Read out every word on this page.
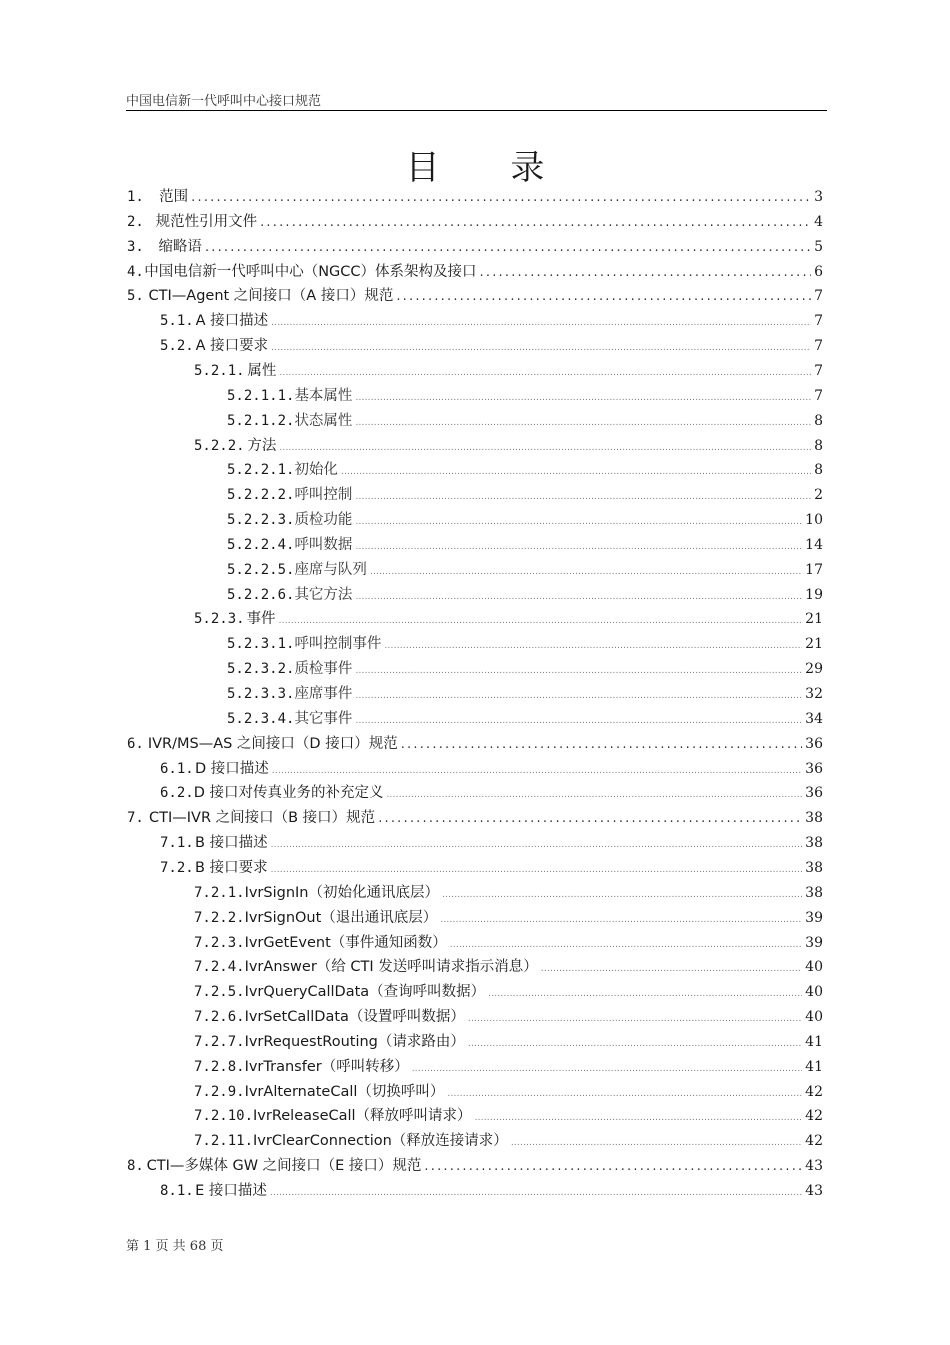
中国电信新一代呼叫中心接口规范
目 录
1.	范围 .....	3
2. 规范性引用文件 .....	4
3.	缩略语 .....	5
4. 中国电信新一代呼叫中心（NGCC）体系架构及接口 .....	6
5. CTI—Agent 之间接口（A 接口）规范 .....	7
5.1. A 接口描述 .....	7
5.2. A 接口要求 .....	7
5.2.1. 属性 .....	7
5.2.1.1. 基本属性 .....	7
5.2.1.2. 状态属性 .....	8
5.2.2. 方法 .....	8
5.2.2.1. 初始化 .....	8
5.2.2.2. 呼叫控制 .....	2
5.2.2.3. 质检功能 .....	10
5.2.2.4. 呼叫数据 .....	14
5.2.2.5. 座席与队列 .....	17
5.2.2.6. 其它方法 .....	19
5.2.3. 事件 .....	21
5.2.3.1. 呼叫控制事件 .....	21
5.2.3.2. 质检事件 .....	29
5.2.3.3. 座席事件 .....	32
5.2.3.4. 其它事件 .....	34
6. IVR/MS—AS 之间接口（D 接口）规范 .....	36
6.1. D 接口描述 .....	36
6.2. D 接口对传真业务的补充定义 .....	36
7. CTI—IVR 之间接口（B 接口）规范 .....	38
7.1. B 接口描述 .....	38
7.2. B 接口要求 .....	38
7.2.1. IvrSignIn（初始化通讯底层） .....	38
7.2.2. IvrSignOut（退出通讯底层） .....	39
7.2.3. IvrGetEvent（事件通知函数） .....	39
7.2.4. IvrAnswer（给 CTI 发送呼叫请求指示消息） .....	40
7.2.5. IvrQueryCallData（查询呼叫数据） .....	40
7.2.6. IvrSetCallData（设置呼叫数据） .....	40
7.2.7. IvrRequestRouting（请求路由） .....	41
7.2.8. IvrTransfer（呼叫转移） .....	41
7.2.9. IvrAlternateCall（切换呼叫） .....	42
7.2.10. IvrReleaseCall（释放呼叫请求） .....	42
7.2.11. IvrClearConnection（释放连接请求） .....	42
8. CTI—多媒体 GW 之间接口（E 接口）规范 .....	43
8.1. E 接口描述 .....	43
第 1 页 共 68 页
